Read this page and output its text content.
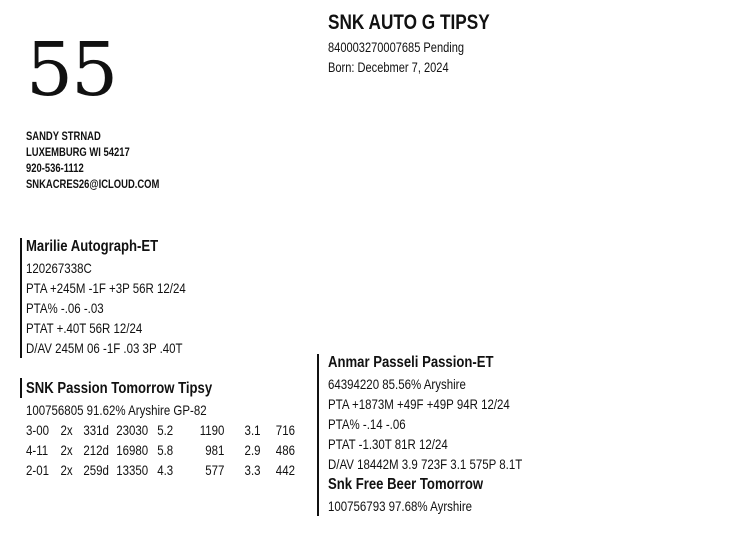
55
SANDY STRNAD
LUXEMBURG WI 54217
920-536-1112
SNKACRES26@ICLOUD.COM
SNK AUTO G TIPSY
840003270007685 Pending
Born: Decebmer 7, 2024
Marilie Autograph-ET
120267338C
PTA +245M -1F +3P 56R 12/24
PTA% -.06 -.03
PTAT +.40T 56R 12/24
D/AV 245M 06 -1F .03 3P .40T
SNK Passion Tomorrow Tipsy
100756805 91.62% Aryshire GP-82
3-00 2x 331d 23030 5.2 1190 3.1 716
4-11 2x 212d 16980 5.8 981 2.9 486
2-01 2x 259d 13350 4.3 577 3.3 442
Anmar Passeli Passion-ET
64394220 85.56% Aryshire
PTA +1873M +49F +49P 94R 12/24
PTA% -.14 -.06
PTAT -1.30T 81R 12/24
D/AV 18442M 3.9 723F 3.1 575P 8.1T
Snk Free Beer Tomorrow
100756793 97.68% Ayrshire
